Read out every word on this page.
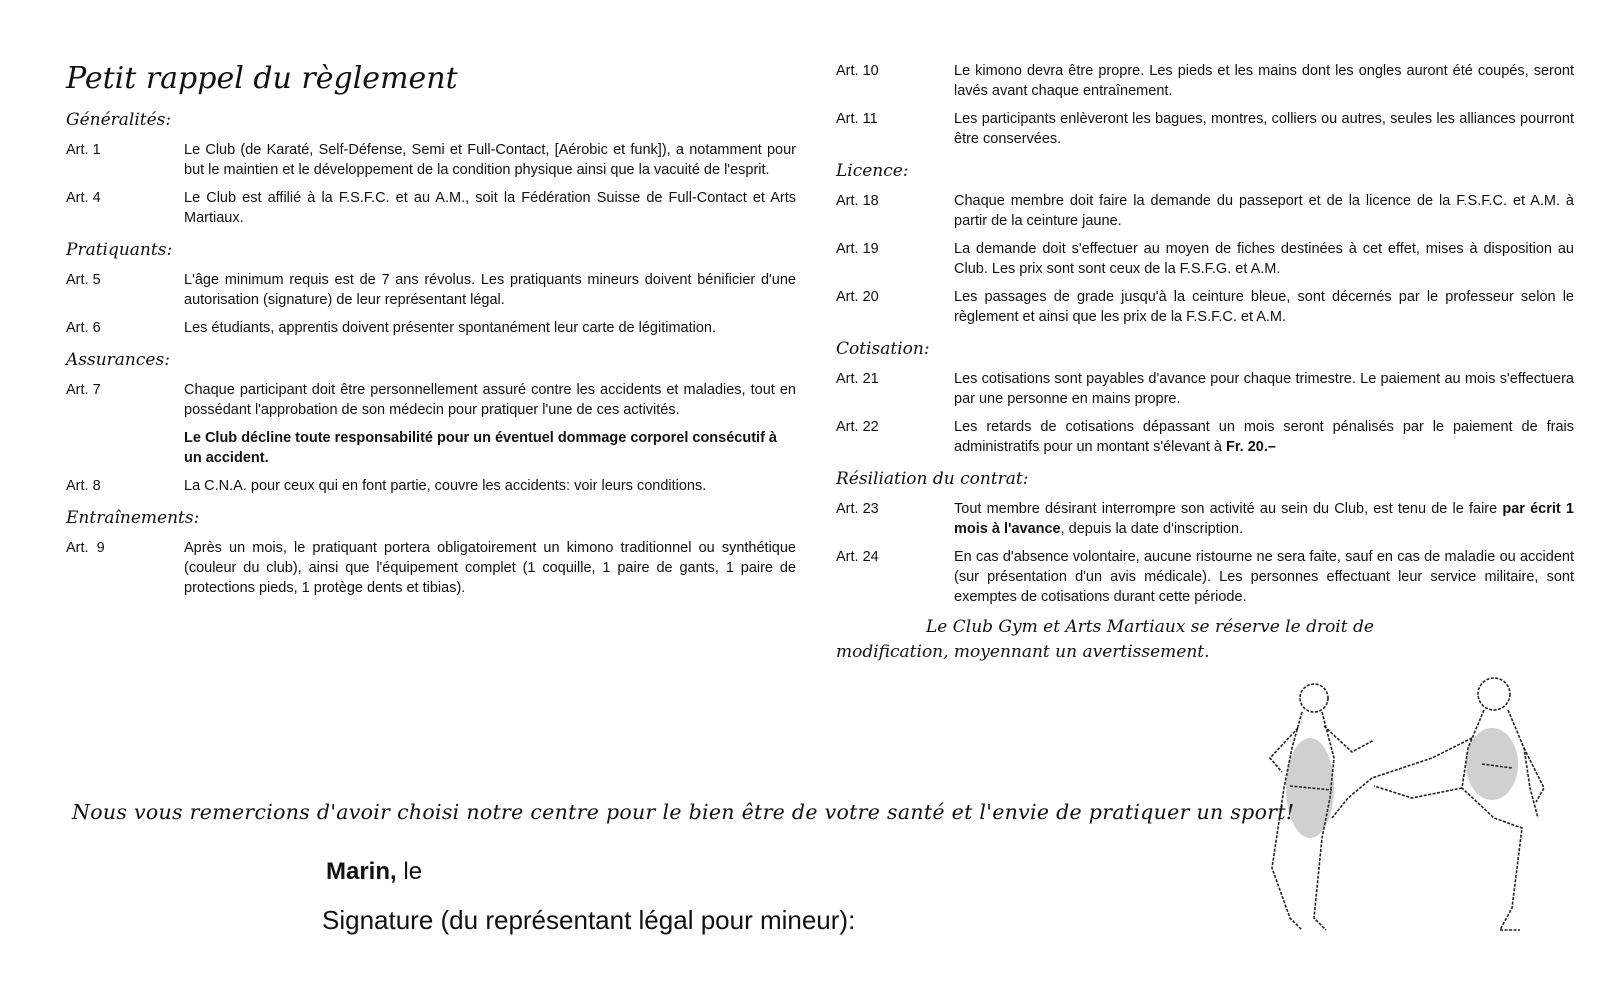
Petit rappel du règlement
Généralités:
Art. 1	Le Club (de Karaté, Self-Défense, Semi et Full-Contact, [Aérobic et funk]), a notamment pour but le maintien et le développement de la condition physique ainsi que la vacuité de l'esprit.
Art. 4	Le Club est affilié à la F.S.F.C. et au A.M., soit la Fédération Suisse de Full-Contact et Arts Martiaux.
Pratiquants:
Art. 5	L'âge minimum requis est de 7 ans révolus. Les pratiquants mineurs doivent bénificier d'une autorisation (signature) de leur représentant légal.
Art. 6	Les étudiants, apprentis doivent présenter spontanément leur carte de légitimation.
Assurances:
Art. 7	Chaque participant doit être personnellement assuré contre les accidents et maladies, tout en possédant l'approbation de son médecin pour pratiquer l'une de ces activités.
Le Club décline toute responsabilité pour un éventuel dommage corporel consécutif à un accident.
Art. 8	La C.N.A. pour ceux qui en font partie, couvre les accidents: voir leurs conditions.
Entraînements:
Art.  9	Après un mois, le pratiquant portera obligatoirement un kimono traditionnel ou synthétique (couleur du club), ainsi que l'équipement complet (1 coquille, 1 paire de gants, 1 paire de protections pieds, 1 protège dents et tibias).
Art. 10	Le kimono devra être propre. Les pieds et les mains dont les ongles auront été coupés, seront lavés avant chaque entraînement.
Art. 11	Les participants enlèveront les bagues, montres, colliers ou autres, seules les alliances pourront être conservées.
Licence:
Art. 18	Chaque membre doit faire la demande du passeport et de la licence de la F.S.F.C. et A.M. à partir de la ceinture jaune.
Art. 19	La demande doit s'effectuer au moyen de fiches destinées à cet effet, mises à disposition au Club. Les prix sont sont ceux de la F.S.F.G. et A.M.
Art. 20	Les passages de grade jusqu'à la ceinture bleue, sont décernés par le professeur selon le règlement et ainsi que les prix de la F.S.F.C. et A.M.
Cotisation:
Art. 21	Les cotisations sont payables d'avance pour chaque trimestre. Le paiement au mois s'effectuera par une personne en mains propre.
Art. 22	Les retards de cotisations dépassant un mois seront pénalisés par le paiement de frais administratifs pour un montant s'élevant à Fr. 20.–
Résiliation du contrat:
Art. 23	Tout membre désirant interrompre son activité au sein du Club, est tenu de le faire par écrit 1 mois à l'avance, depuis la date d'inscription.
Art. 24	En cas d'absence volontaire, aucune ristourne ne sera faite, sauf en cas de maladie ou accident (sur présentation d'un avis médicale). Les personnes effectuant leur service militaire, sont exemptes de cotisations durant cette période.
Le Club Gym et Arts Martiaux se réserve le droit de
modification, moyennant un avertissement.
Nous vous remercions d'avoir choisi notre centre pour le bien être de votre santé et l'envie de pratiquer un sport!
Marin, le
Signature (du représentant légal pour mineur):
